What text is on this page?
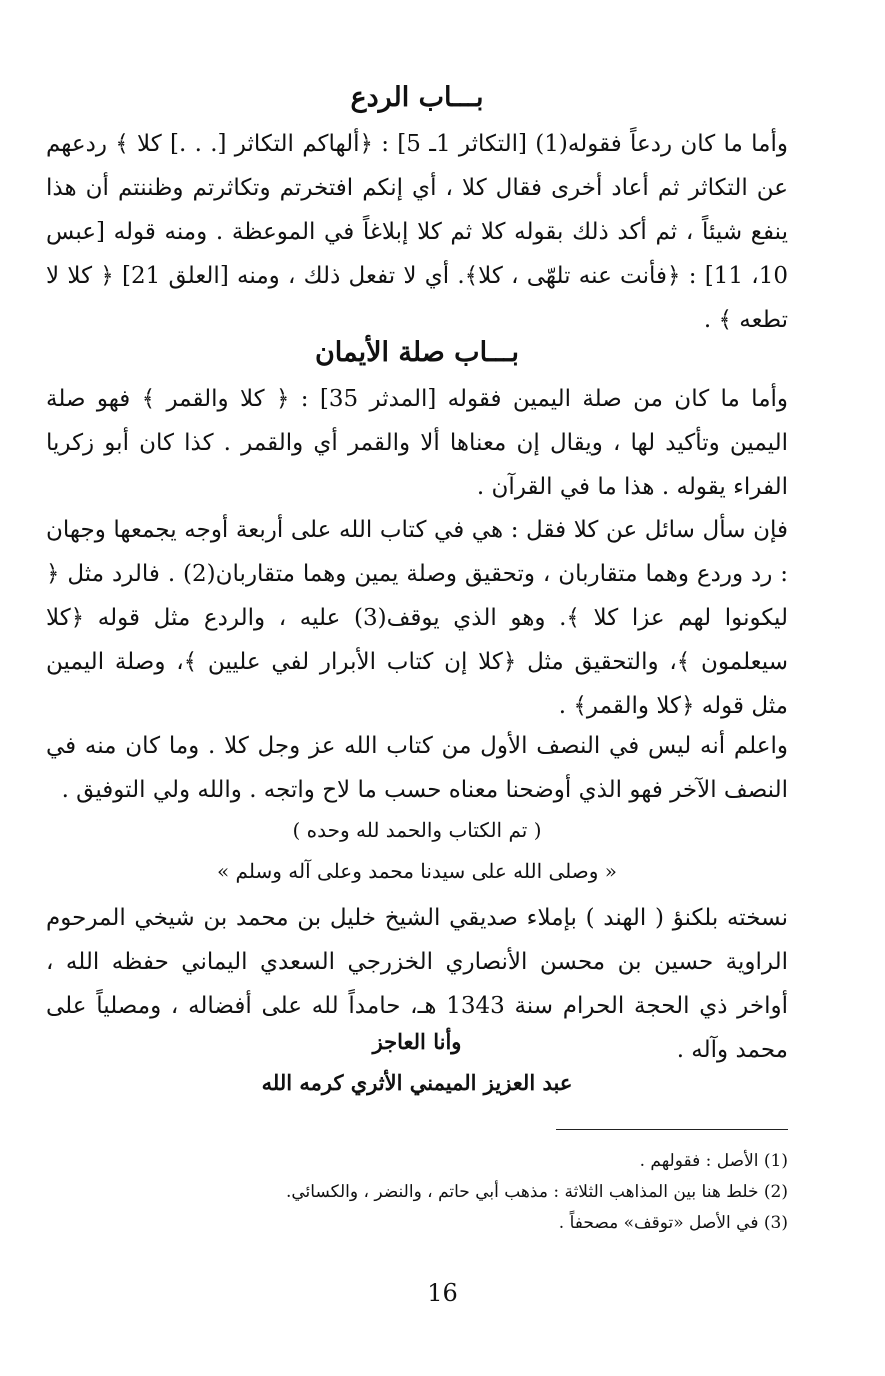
بـــاب الردع

وأما ما كان ردعاً فقوله(1) [التكاثر 1ـ 5] : ﴿ألهاكم التكاثر [. . .] كلا ﴾ ردعهم عن التكاثر ثم أعاد أخرى فقال كلا ، أي إنكم افتخرتم وتكاثرتم وظننتم أن هذا ينفع شيئاً ، ثم أكد ذلك بقوله كلا ثم كلا إبلاغاً في الموعظة . ومنه قوله [عبس 10، 11] : ﴿فأنت عنه تلهّى ، كلا﴾. أي لا تفعل ذلك ، ومنه [العلق 21] ﴿ كلا لا تطعه ﴾ .

بـــاب صلة الأيمان

وأما ما كان من صلة اليمين فقوله [المدثر 35] : ﴿ كلا والقمر ﴾ فهو صلة اليمين وتأكيد لها ، ويقال إن معناها ألا والقمر أي والقمر . كذا كان أبو زكريا الفراء يقوله . هذا ما في القرآن .

فإن سأل سائل عن كلا فقل : هي في كتاب الله على أربعة أوجه يجمعها وجهان : رد وردع وهما متقاربان ، وتحقيق وصلة يمين وهما متقاربان(2) . فالرد مثل ﴿ ليكونوا لهم عزا كلا ﴾. وهو الذي يوقف(3) عليه ، والردع مثل قوله ﴿كلا سيعلمون ﴾، والتحقيق مثل ﴿كلا إن كتاب الأبرار لفي عليين ﴾، وصلة اليمين مثل قوله ﴿كلا والقمر﴾ .

واعلم أنه ليس في النصف الأول من كتاب الله عز وجل كلا . وما كان منه في النصف الآخر فهو الذي أوضحنا معناه حسب ما لاح واتجه . والله ولي التوفيق .

( تم الكتاب والحمد لله وحده )

« وصلى الله على سيدنا محمد وعلى آله وسلم »

نسخته بلكنؤ ( الهند ) بإملاء صديقي الشيخ خليل بن محمد بن شيخي المرحوم الراوية حسين بن محسن الأنصاري الخزرجي السعدي اليماني حفظه الله ، أواخر ذي الحجة الحرام سنة 1343 هـ، حامداً لله على أفضاله ، ومصلياً على محمد وآله .

وأنا العاجز

عبد العزيز الميمني الأثري كرمه الله

(1) الأصل : فقولهم .

(2) خلط هنا بين المذاهب الثلاثة : مذهب أبي حاتم ، والنضر ، والكسائي.

(3) في الأصل «توقف» مصحفاً .

16
